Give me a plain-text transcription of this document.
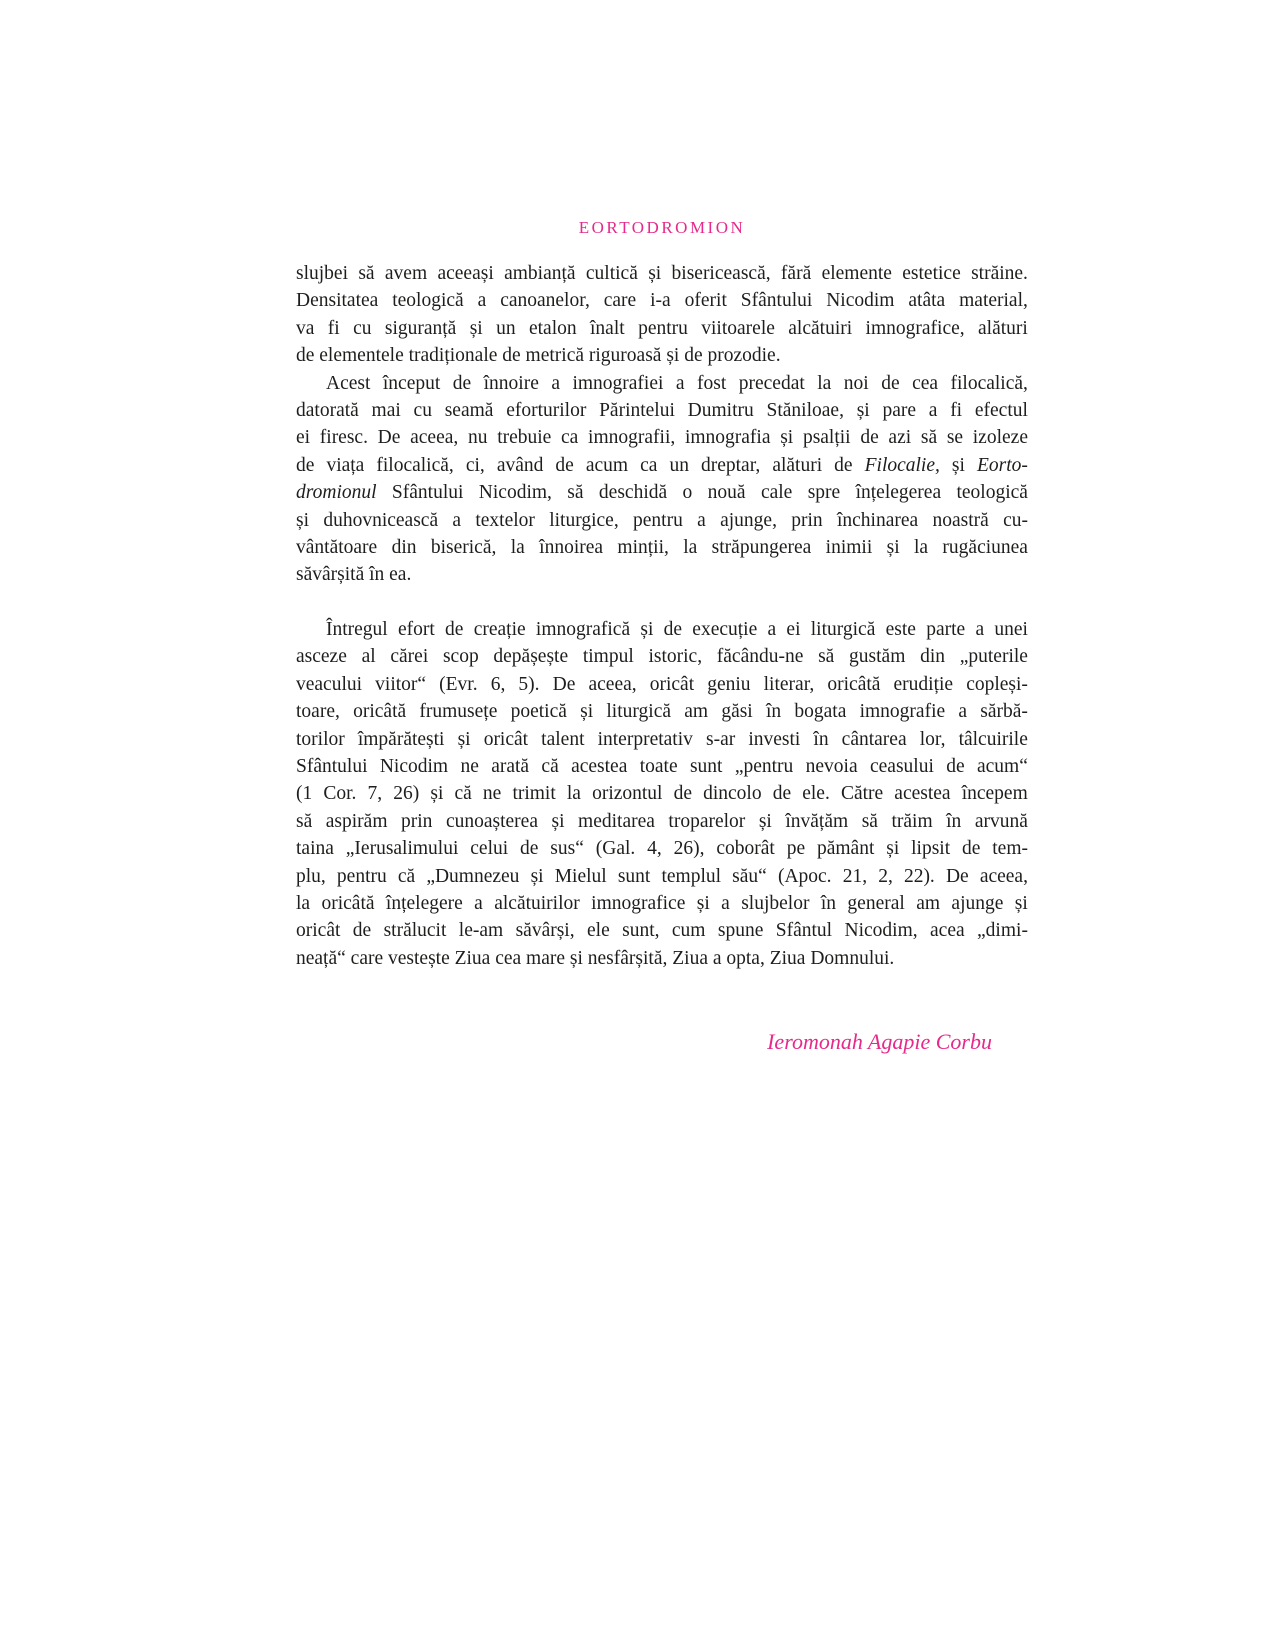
EORTODROMION
slujbei să avem aceeași ambianță cultică și bisericească, fără elemente estetice străine.
Densitatea teologică a canoanelor, care i-a oferit Sfântului Nicodim atâta material,
va fi cu siguranță și un etalon înalt pentru viitoarele alcătuiri imnografice, alături
de elementele tradiționale de metrică riguroasă și de prozodie.
Acest început de înnoire a imnografiei a fost precedat la noi de cea filocalică,
datorată mai cu seamă eforturilor Părintelui Dumitru Stăniloae, și pare a fi efectul
ei firesc. De aceea, nu trebuie ca imnografii, imnografia și psalții de azi să se izoleze
de viața filocalică, ci, având de acum ca un dreptar, alături de Filocalie, și Eorto-
dromionul Sfântului Nicodim, să deschidă o nouă cale spre înțelegerea teologică
și duhovnicească a textelor liturgice, pentru a ajunge, prin închinarea noastră cu-
vântătoare din biserică, la înnoirea minții, la străpungerea inimii și la rugăciunea
săvârșită în ea.
Întregul efort de creație imnografică și de execuție a ei liturgică este parte a unei
asceze al cărei scop depășește timpul istoric, făcându-ne să gustăm din „puterile
veacului viitor“ (Evr. 6, 5). De aceea, oricât geniu literar, oricâtă erudiție copleși-
toare, oricâtă frumusețe poetică și liturgică am găsi în bogata imnografie a sărbă-
torilor împărătești și oricât talent interpretativ s-ar investi în cântarea lor, tâlcuirile
Sfântului Nicodim ne arată că acestea toate sunt „pentru nevoia ceasului de acum“
(1 Cor. 7, 26) și că ne trimit la orizontul de dincolo de ele. Către acestea începem
să aspirăm prin cunoașterea și meditarea troparelor și învățăm să trăim în arvună
taina „Ierusalimului celui de sus“ (Gal. 4, 26), coborât pe pământ și lipsit de tem-
plu, pentru că „Dumnezeu și Mielul sunt templul său“ (Apoc. 21, 2, 22). De aceea,
la oricâtă înțelegere a alcătuirilor imnografice și a slujbelor în general am ajunge și
oricât de strălucit le-am săvârși, ele sunt, cum spune Sfântul Nicodim, acea „dimi-
neață“ care vestește Ziua cea mare și nesfârșită, Ziua a opta, Ziua Domnului.
Ieromonah Agapie Corbu
